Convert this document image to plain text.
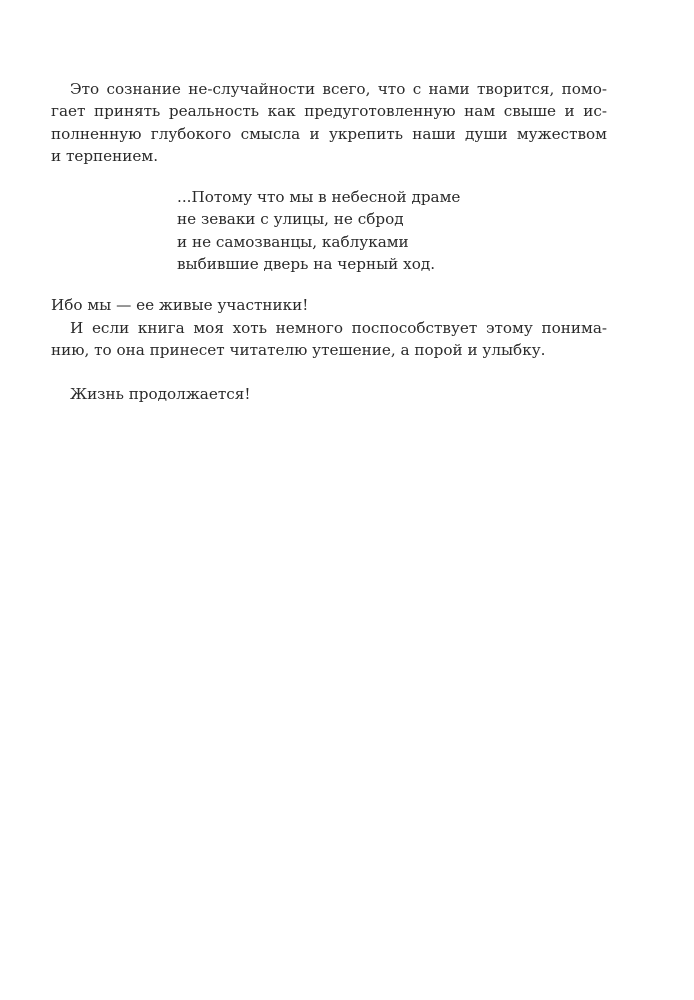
Это сознание не-случайности всего, что с нами творится, помо-
гает принять реальность как предуготовленную нам свыше и ис-
полненную глубокого смысла и укрепить наши души мужеством
и терпением.
...Потому что мы в небесной драме
не зеваки с улицы, не сброд
и не самозванцы, каблуками
выбившие дверь на черный ход.
Ибо мы — ее живые участники!
И если книга моя хоть немного поспособствует этому понима-
нию, то она принесет читателю утешение, а порой и улыбку.
Жизнь продолжается!
